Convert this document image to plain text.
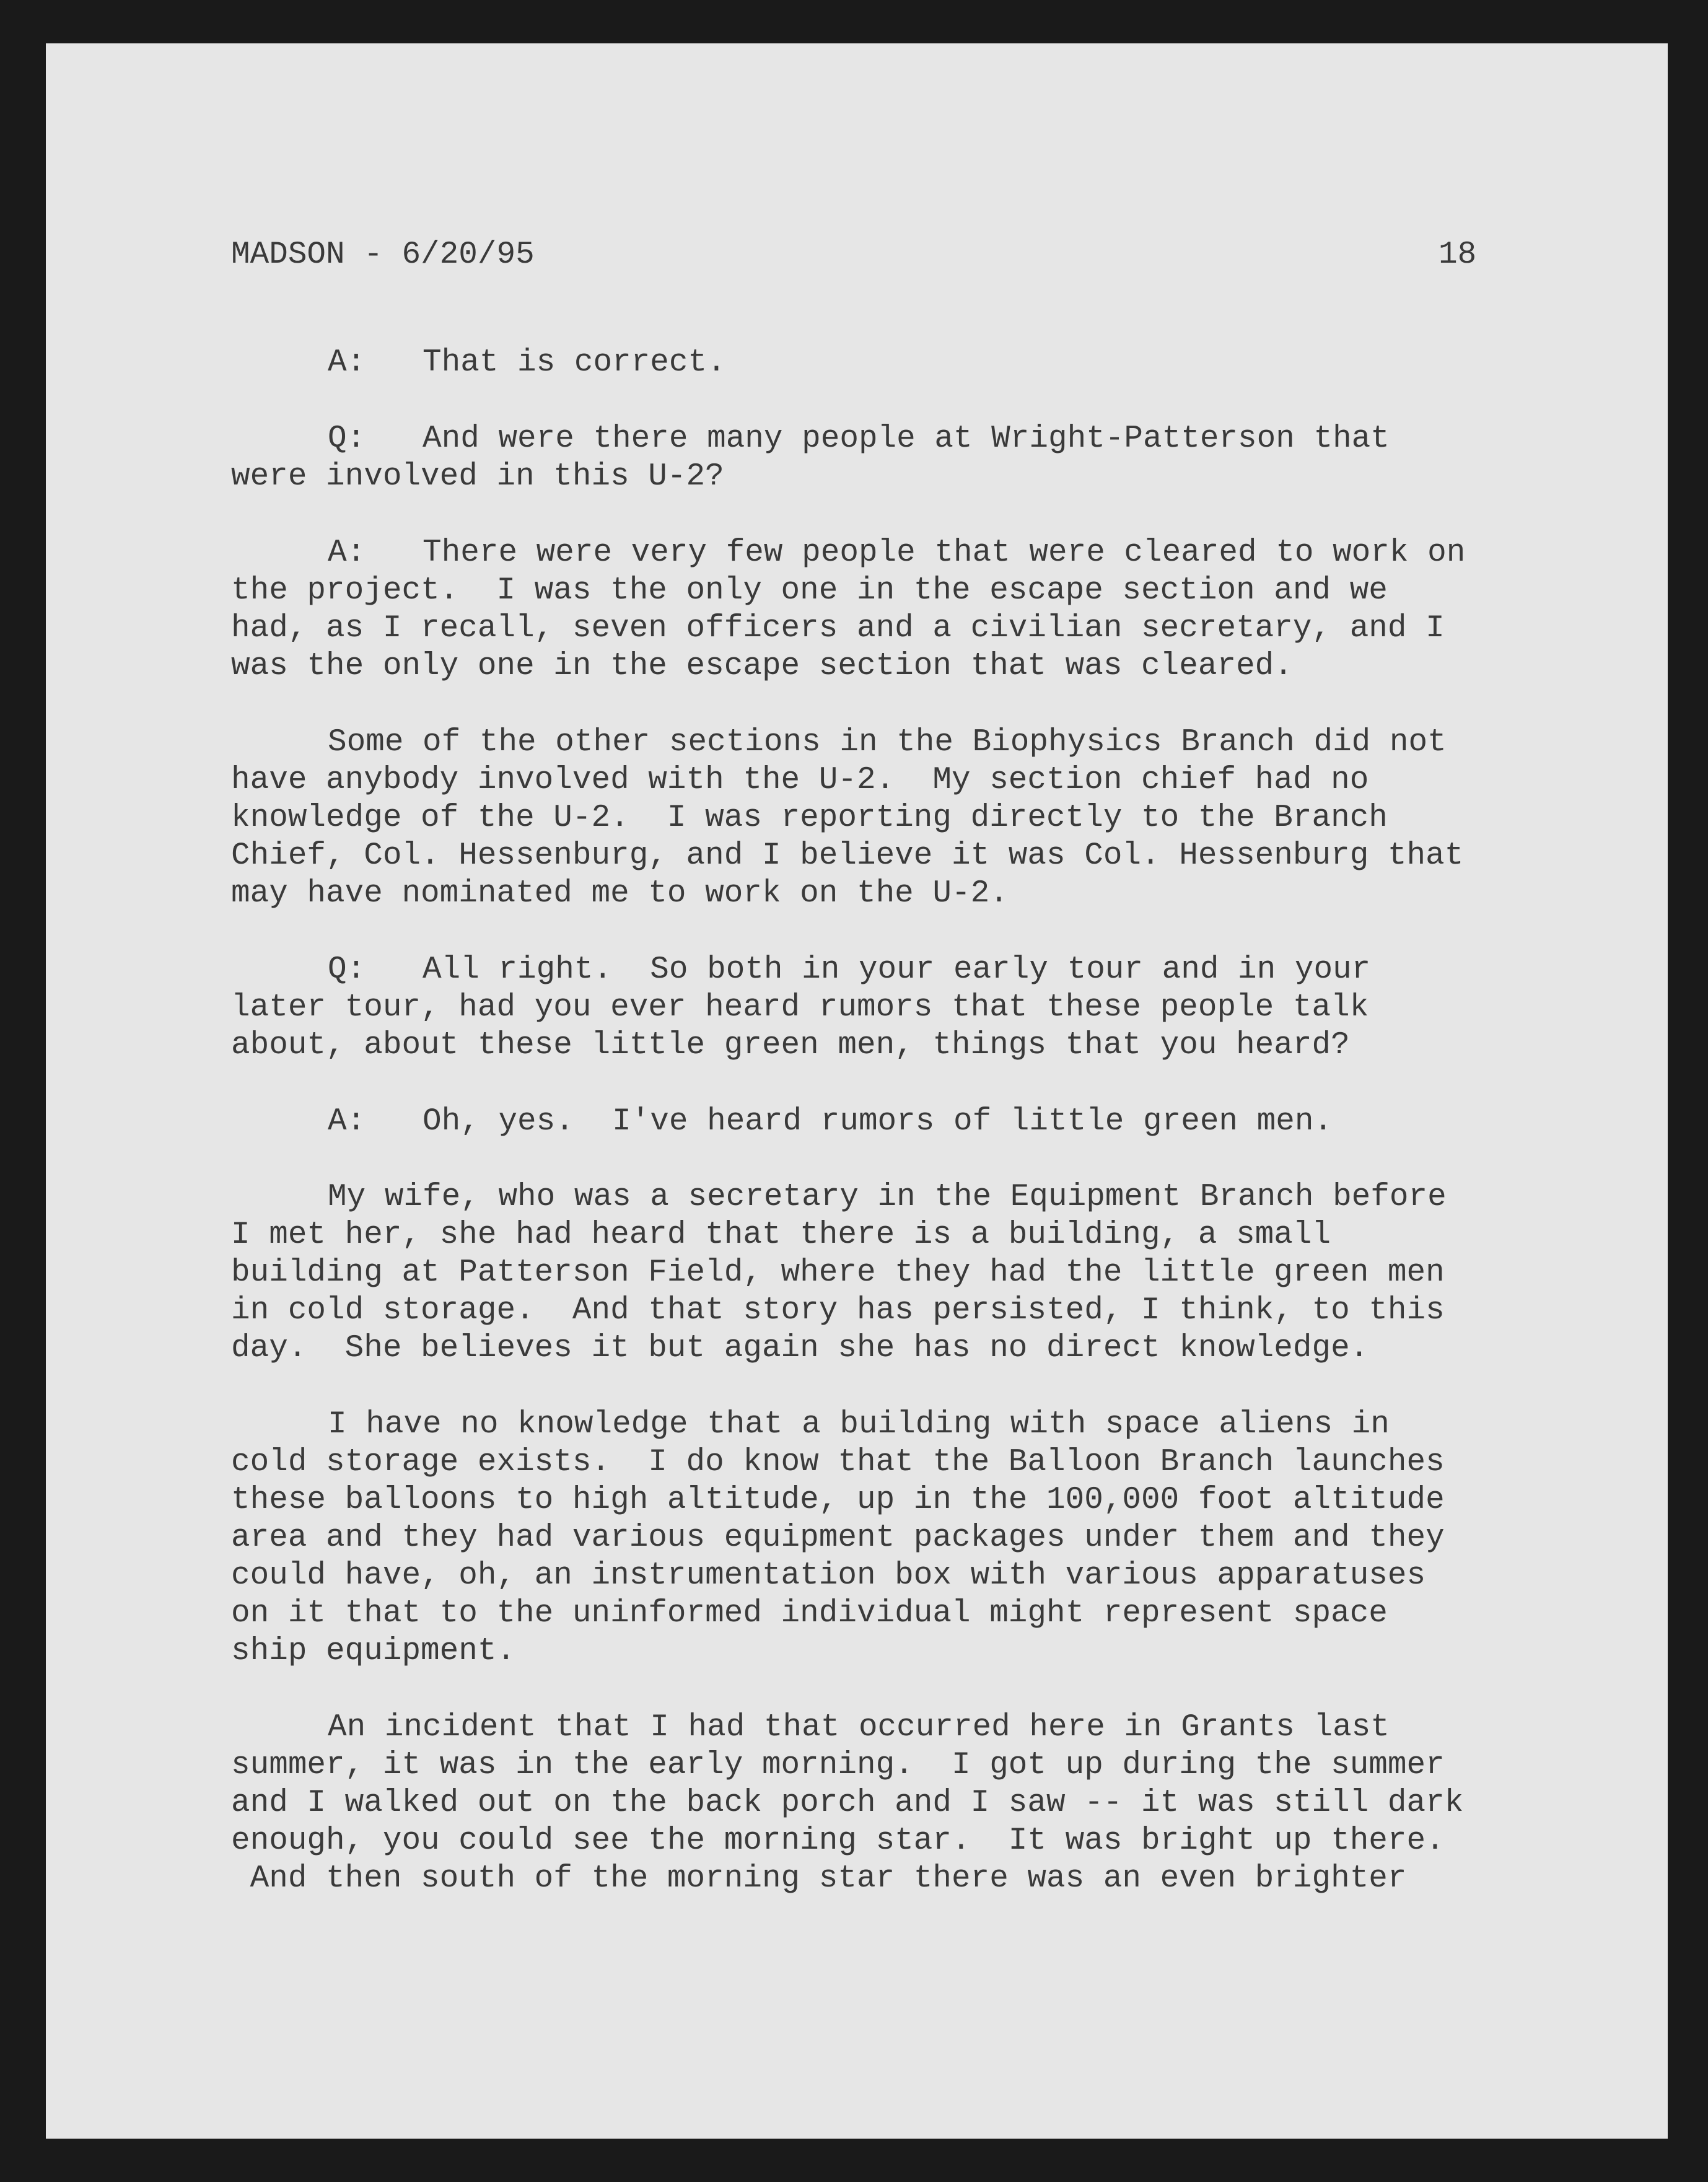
MADSON - 6/20/95	18
A:   That is correct.
Q:   And were there many people at Wright-Patterson that
were involved in this U-2?
A:   There were very few people that were cleared to work on
the project.  I was the only one in the escape section and we
had, as I recall, seven officers and a civilian secretary, and I
was the only one in the escape section that was cleared.
Some of the other sections in the Biophysics Branch did not
have anybody involved with the U-2.  My section chief had no
knowledge of the U-2.  I was reporting directly to the Branch
Chief, Col. Hessenburg, and I believe it was Col. Hessenburg that
may have nominated me to work on the U-2.
Q:   All right.  So both in your early tour and in your
later tour, had you ever heard rumors that these people talk
about, about these little green men, things that you heard?
A:   Oh, yes.  I've heard rumors of little green men.
My wife, who was a secretary in the Equipment Branch before
I met her, she had heard that there is a building, a small
building at Patterson Field, where they had the little green men
in cold storage.  And that story has persisted, I think, to this
day.  She believes it but again she has no direct knowledge.
I have no knowledge that a building with space aliens in
cold storage exists.  I do know that the Balloon Branch launches
these balloons to high altitude, up in the 100,000 foot altitude
area and they had various equipment packages under them and they
could have, oh, an instrumentation box with various apparatuses
on it that to the uninformed individual might represent space
ship equipment.
An incident that I had that occurred here in Grants last
summer, it was in the early morning.  I got up during the summer
and I walked out on the back porch and I saw -- it was still dark
enough, you could see the morning star.  It was bright up there.
And then south of the morning star there was an even brighter
